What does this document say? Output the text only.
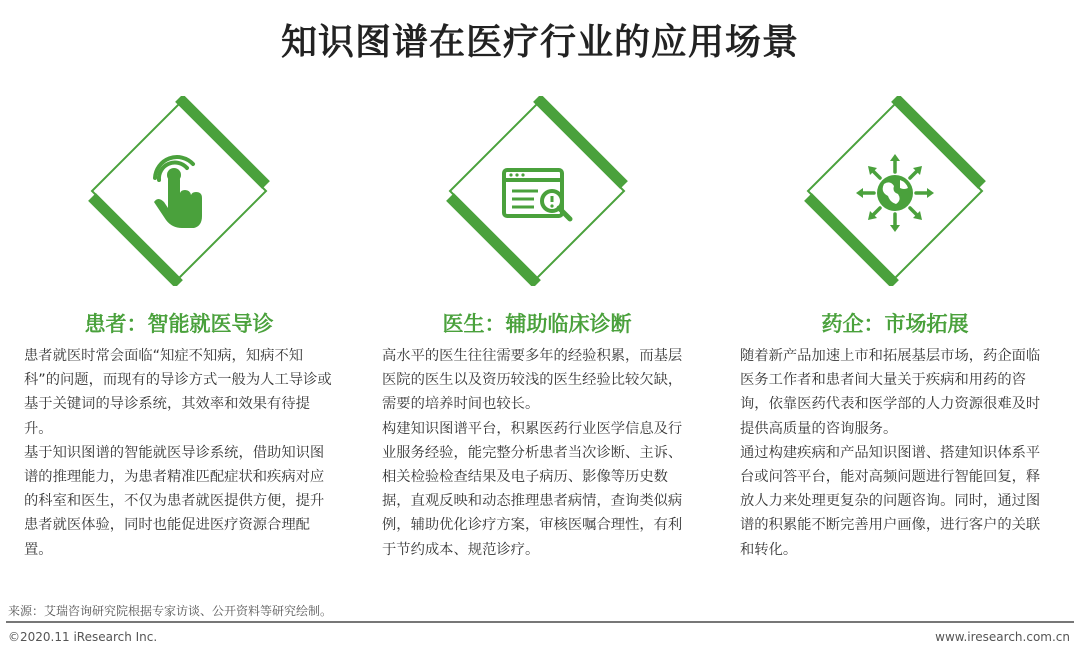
知识图谱在医疗行业的应用场景
患者：智能就医导诊

患者就医时常会面临“知症不知病，知病不知科”的问题，而现有的导诊方式一般为人工导诊或基于关键词的导诊系统，其效率和效果有待提升。

基于知识图谱的智能就医导诊系统，借助知识图谱的推理能力，为患者精准匹配症状和疾病对应的科室和医生，不仅为患者就医提供方便，提升患者就医体验，同时也能促进医疗资源合理配置。

医生：辅助临床诊断

高水平的医生往往需要多年的经验积累，而基层医院的医生以及资历较浅的医生经验比较欠缺，需要的培养时间也较长。

构建知识图谱平台，积累医药行业医学信息及行业服务经验，能完整分析患者当次诊断、主诉、相关检验检查结果及电子病历、影像等历史数据，直观反映和动态推理患者病情，查询类似病例，辅助优化诊疗方案，审核医嘱合理性，有利于节约成本、规范诊疗。

药企：市场拓展

随着新产品加速上市和拓展基层市场，药企面临医务工作者和患者间大量关于疾病和用药的咨询，依靠医药代表和医学部的人力资源很难及时提供高质量的咨询服务。

通过构建疾病和产品知识图谱、搭建知识体系平台或问答平台，能对高频问题进行智能回复，释放人力来处理更复杂的问题咨询。同时，通过图谱的积累能不断完善用户画像，进行客户的关联和转化。

来源：艾瑞咨询研究院根据专家访谈、公开资料等研究绘制。
©2020.11 iResearch Inc.	www.iresearch.com.cn
